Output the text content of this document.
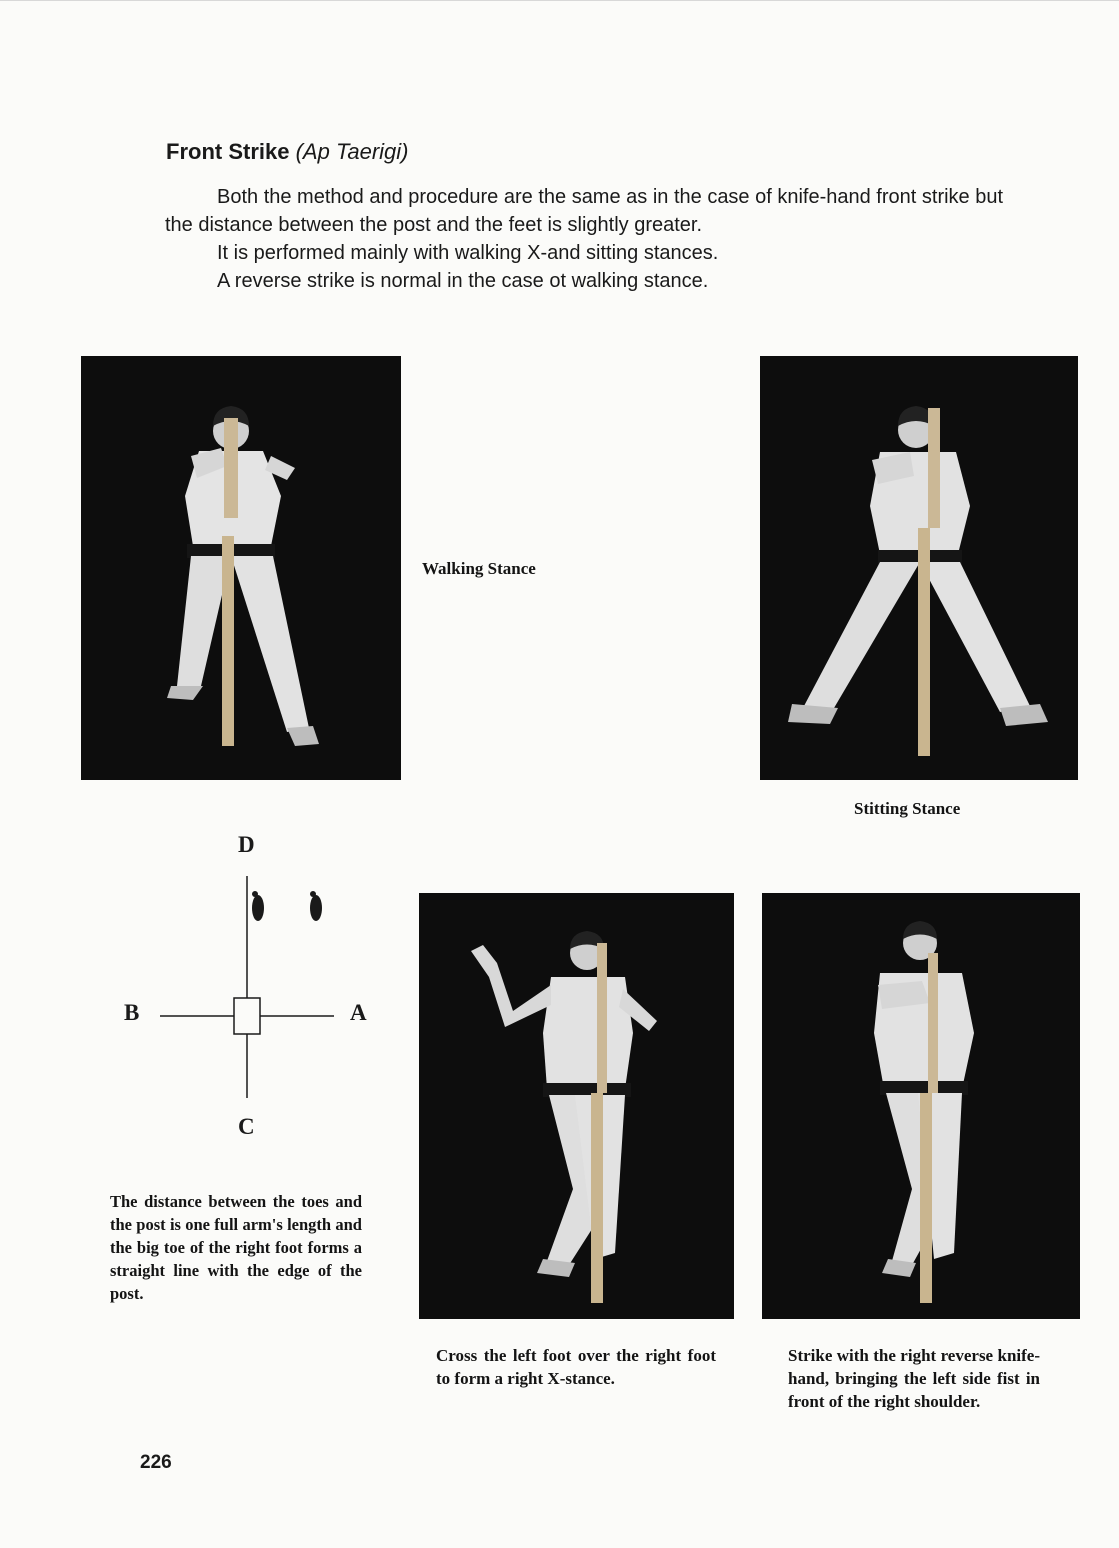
Front Strike (Ap Taerigi)

Both the method and procedure are the same as in the case of knife-hand front strike but the distance between the post and the feet is slightly greater.

It is performed mainly with walking X-and sitting stances.

A reverse strike is normal in the case ot walking stance.

Walking Stance
Stitting Stance
D
B	A
C
The distance between the toes and the post is one full arm's length and the big toe of the right foot forms a straight line with the edge of the post.
Cross the left foot over the right foot to form a right X-stance.
Strike with the right reverse knife-hand, bringing the left side fist in front of the right shoulder.
226
